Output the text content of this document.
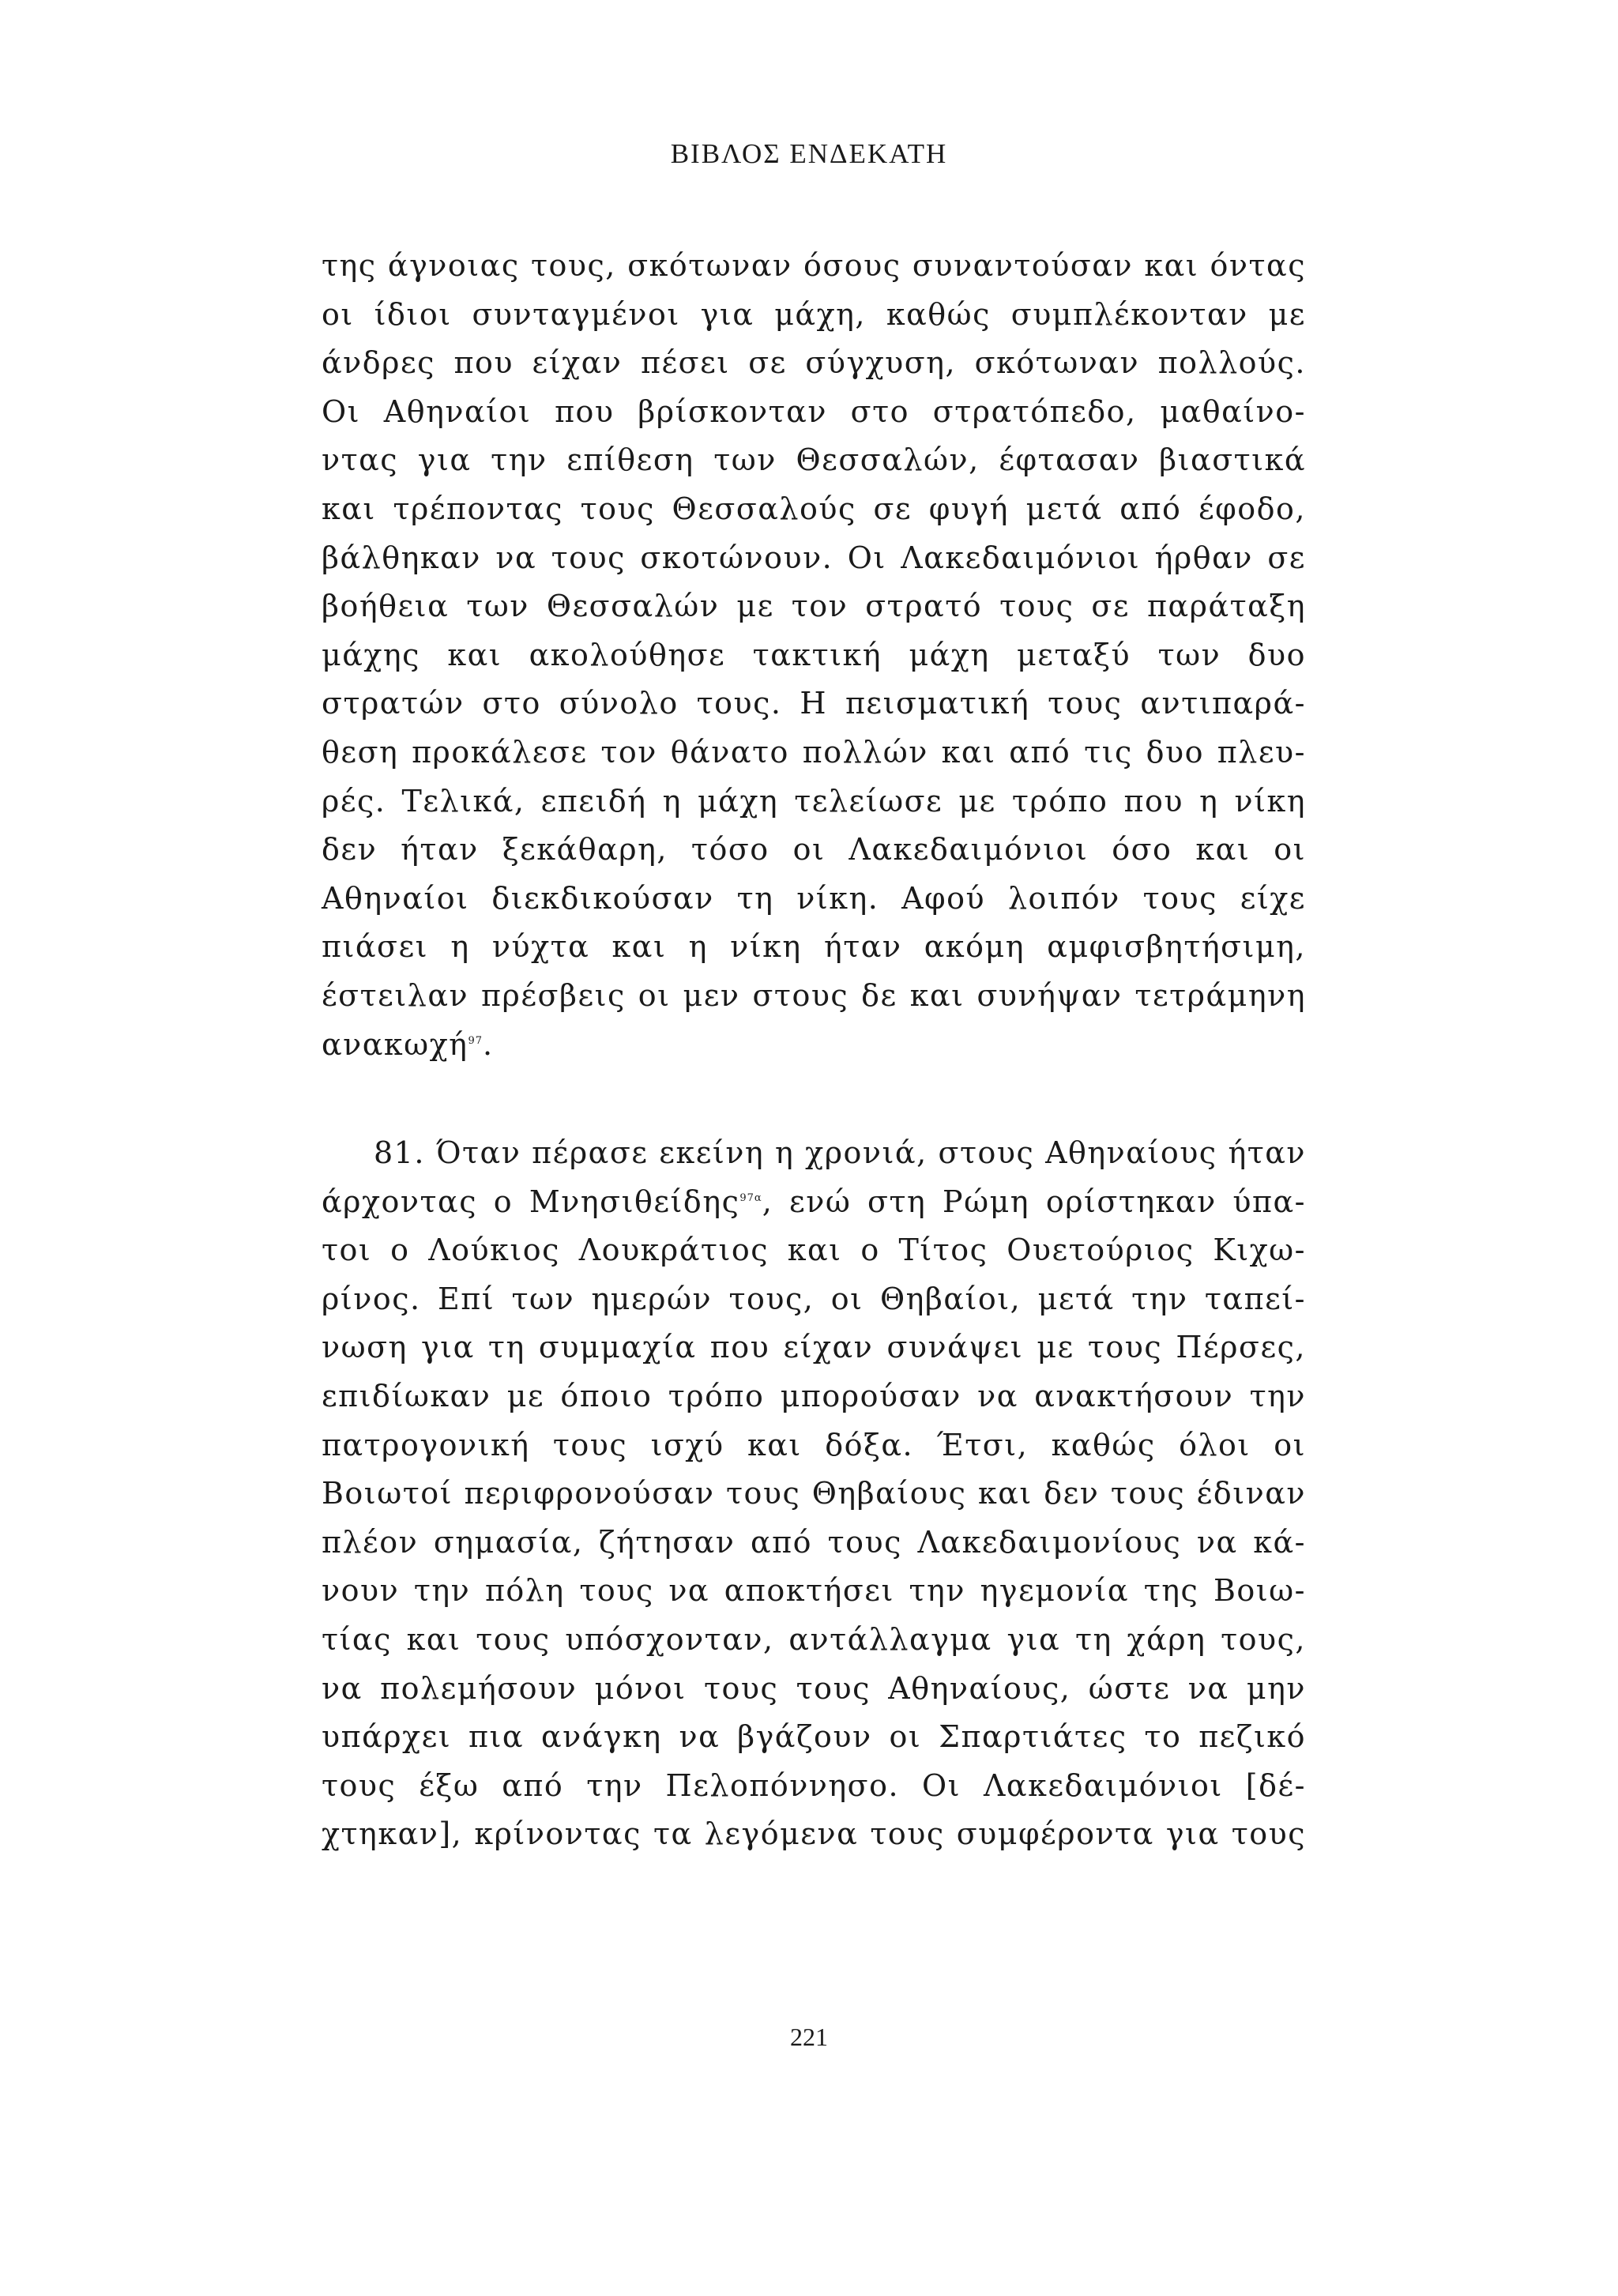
ΒΙΒΛΟΣ ΕΝΔΕΚΑΤΗ
της άγνοιας τους, σκότωναν όσους συναντούσαν και όντας
οι ίδιοι συνταγμένοι για μάχη, καθώς συμπλέκονταν με
άνδρες που είχαν πέσει σε σύγχυση, σκότωναν πολλούς.
Οι Αθηναίοι που βρίσκονταν στο στρατόπεδο, μαθαίνο-
ντας για την επίθεση των Θεσσαλών, έφτασαν βιαστικά
και τρέποντας τους Θεσσαλούς σε φυγή μετά από έφοδο,
βάλθηκαν να τους σκοτώνουν. Οι Λακεδαιμόνιοι ήρθαν σε
βοήθεια των Θεσσαλών με τον στρατό τους σε παράταξη
μάχης και ακολούθησε τακτική μάχη μεταξύ των δυο
στρατών στο σύνολο τους. Η πεισματική τους αντιπαρά-
θεση προκάλεσε τον θάνατο πολλών και από τις δυο πλευ-
ρές. Τελικά, επειδή η μάχη τελείωσε με τρόπο που η νίκη
δεν ήταν ξεκάθαρη, τόσο οι Λακεδαιμόνιοι όσο και οι
Αθηναίοι διεκδικούσαν τη νίκη. Αφού λοιπόν τους είχε
πιάσει η νύχτα και η νίκη ήταν ακόμη αμφισβητήσιμη,
έστειλαν πρέσβεις οι μεν στους δε και συνήψαν τετράμηνη
ανακωχή$^{97}$.
81. Όταν πέρασε εκείνη η χρονιά, στους Αθηναίους ήταν
άρχοντας ο Μνησιθείδης$^{97\alpha}$, ενώ στη Ρώμη ορίστηκαν ύπα-
τοι ο Λούκιος Λουκράτιος και ο Τίτος Ουετούριος Κιχω-
ρίνος. Επί των ημερών τους, οι Θηβαίοι, μετά την ταπεί-
νωση για τη συμμαχία που είχαν συνάψει με τους Πέρσες,
επιδίωκαν με όποιο τρόπο μπορούσαν να ανακτήσουν την
πατρογονική τους ισχύ και δόξα. Έτσι, καθώς όλοι οι
Βοιωτοί περιφρονούσαν τους Θηβαίους και δεν τους έδιναν
πλέον σημασία, ζήτησαν από τους Λακεδαιμονίους να κά-
νουν την πόλη τους να αποκτήσει την ηγεμονία της Βοιω-
τίας και τους υπόσχονταν, αντάλλαγμα για τη χάρη τους,
να πολεμήσουν μόνοι τους τους Αθηναίους, ώστε να μην
υπάρχει πια ανάγκη να βγάζουν οι Σπαρτιάτες το πεζικό
τους έξω από την Πελοπόννησο. Οι Λακεδαιμόνιοι [δέ-
χτηκαν], κρίνοντας τα λεγόμενα τους συμφέροντα για τους
221
